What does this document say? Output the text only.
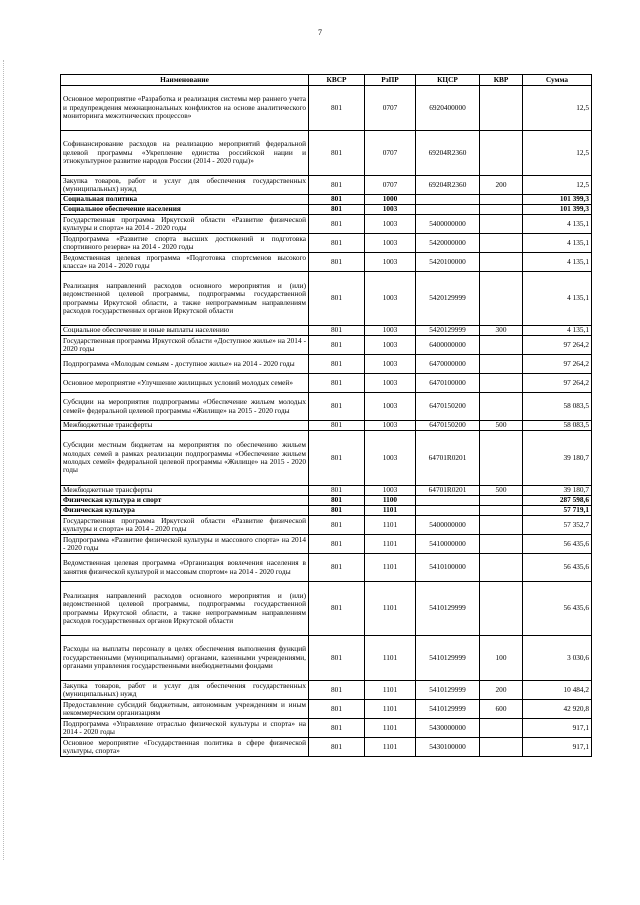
7
Наименование	КВСР	РзПР	КЦСР	КВР	Сумма
Основное мероприятие «Разработка и реализация системы мер раннего учета и предупреждения межнациональных конфликтов на основе аналитического мониторинга межэтнических процессов»	801	0707	6920400000		12,5
Софинансирование расходов на реализацию мероприятий федеральной целевой программы «Укрепление единства российской нации и этнокультурное развитие народов России (2014 - 2020 годы)»	801	0707	69204R2360		12,5
Закупка товаров, работ и услуг для обеспечения государственных (муниципальных) нужд	801	0707	69204R2360	200	12,5
Социальная политика	801	1000			101 399,3
Социальное обеспечение населения	801	1003			101 399,3
Государственная программа Иркутской области «Развитие физической культуры и спорта» на 2014 - 2020 годы	801	1003	5400000000		4 135,1
Подпрограмма «Развитие спорта высших достижений и подготовка спортивного резерва» на 2014 - 2020 годы	801	1003	5420000000		4 135,1
Ведомственная целевая программа «Подготовка спортсменов высокого класса» на 2014 - 2020 годы	801	1003	5420100000		4 135,1
Реализация направлений расходов основного мероприятия и (или) ведомственной целевой программы, подпрограммы государственной программы Иркутской области, а также непрограммным направлениям расходов государственных органов Иркутской области	801	1003	5420129999		4 135,1
Социальное обеспечение и иные выплаты населению	801	1003	5420129999	300	4 135,1
Государственная программа Иркутской области «Доступное жилье» на 2014 - 2020 годы	801	1003	6400000000		97 264,2
Подпрограмма «Молодым семьям - доступное жилье» на 2014 - 2020 годы	801	1003	6470000000		97 264,2
Основное мероприятие «Улучшение жилищных условий молодых семей»	801	1003	6470100000		97 264,2
Субсидии на мероприятия подпрограммы «Обеспечение жильем молодых семей» федеральной целевой программы «Жилище» на 2015 - 2020 годы	801	1003	6470150200		58 083,5
Межбюджетные трансферты	801	1003	6470150200	500	58 083,5
Субсидии местным бюджетам на мероприятия по обеспечению жильем молодых семей в рамках реализации подпрограммы «Обеспечение жильем молодых семей» федеральной целевой программы «Жилище» на 2015 - 2020 годы	801	1003	64701R0201		39 180,7
Межбюджетные трансферты	801	1003	64701R0201	500	39 180,7
Физическая культура и спорт	801	1100			287 598,6
Физическая культура	801	1101			57 719,1
Государственная программа Иркутской области «Развитие физической культуры и спорта» на 2014 - 2020 годы	801	1101	5400000000		57 352,7
Подпрограмма «Развитие физической культуры и массового спорта» на 2014 - 2020 годы	801	1101	5410000000		56 435,6
Ведомственная целевая программа «Организация вовлечения населения в занятия физической культурой и массовым спортом» на 2014 - 2020 годы	801	1101	5410100000		56 435,6
Реализация направлений расходов основного мероприятия и (или) ведомственной целевой программы, подпрограммы государственной программы Иркутской области, а также непрограммным направлениям расходов государственных органов Иркутской области	801	1101	5410129999		56 435,6
Расходы на выплаты персоналу в целях обеспечения выполнения функций государственными (муниципальными) органами, казенными учреждениями, органами управления государственными внебюджетными фондами	801	1101	5410129999	100	3 030,6
Закупка товаров, работ и услуг для обеспечения государственных (муниципальных) нужд	801	1101	5410129999	200	10 484,2
Предоставление субсидий бюджетным, автономным учреждениям и иным некоммерческим организациям	801	1101	5410129999	600	42 920,8
Подпрограмма «Управление отраслью физической культуры и спорта» на 2014 - 2020 годы	801	1101	5430000000		917,1
Основное мероприятие «Государственная политика в сфере физической культуры, спорта»	801	1101	5430100000		917,1
